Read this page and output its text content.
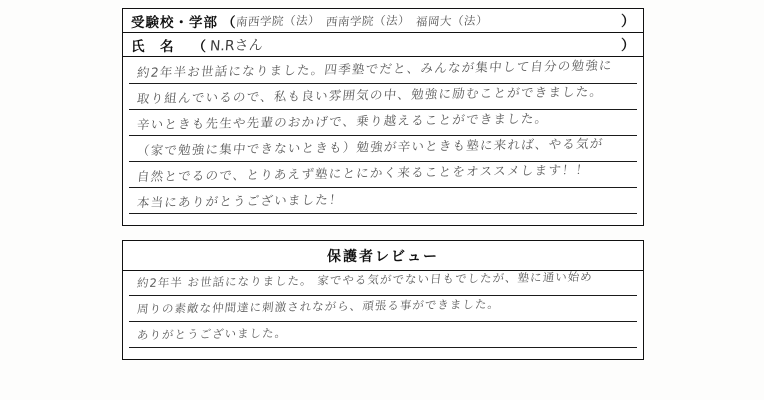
受験校・学部 （ 南西学院（法） 西南学院（法） 福岡大（法）	）
氏　名 （ N.Rさん	）
約2年半お世話になりました。四季塾でだと、みんなが集中して自分の勉強に
取り組んでいるので、私も良い雰囲気の中、勉強に励むことができました。
辛いときも先生や先輩のおかげで、乗り越えることができました。
（家で勉強に集中できないときも）勉強が辛いときも塾に来れば、やる気が
自然とでるので、とりあえず塾にとにかく来ることをオススメします！！
本当にありがとうございました！
保護者レビュー
約2年半 お世話になりました。 家でやる気がでない日もでしたが、塾に通い始め
周りの素敵な仲間達に刺激されながら、頑張る事ができました。
ありがとうございました。
